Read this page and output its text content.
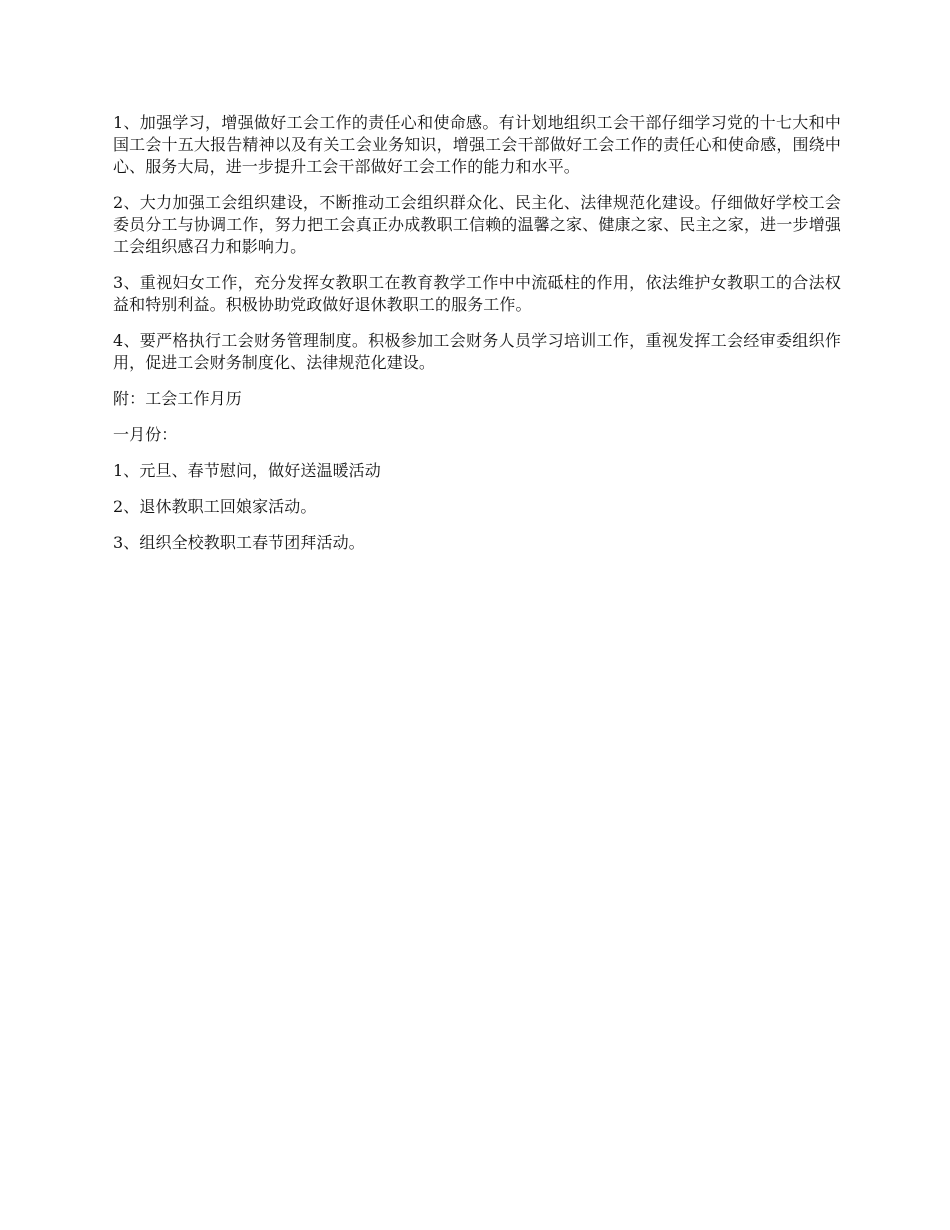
1、加强学习，增强做好工会工作的责任心和使命感。有计划地组织工会干部仔细学习党的十七大和中国工会十五大报告精神以及有关工会业务知识，增强工会干部做好工会工作的责任心和使命感，围绕中心、服务大局，进一步提升工会干部做好工会工作的能力和水平。

2、大力加强工会组织建设，不断推动工会组织群众化、民主化、法律规范化建设。仔细做好学校工会委员分工与协调工作，努力把工会真正办成教职工信赖的温馨之家、健康之家、民主之家，进一步增强工会组织感召力和影响力。

3、重视妇女工作，充分发挥女教职工在教育教学工作中中流砥柱的作用，依法维护女教职工的合法权益和特别利益。积极协助党政做好退休教职工的服务工作。

4、要严格执行工会财务管理制度。积极参加工会财务人员学习培训工作，重视发挥工会经审委组织作用，促进工会财务制度化、法律规范化建设。

附：工会工作月历

一月份：

1、元旦、春节慰问，做好送温暖活动

2、退休教职工回娘家活动。

3、组织全校教职工春节团拜活动。
